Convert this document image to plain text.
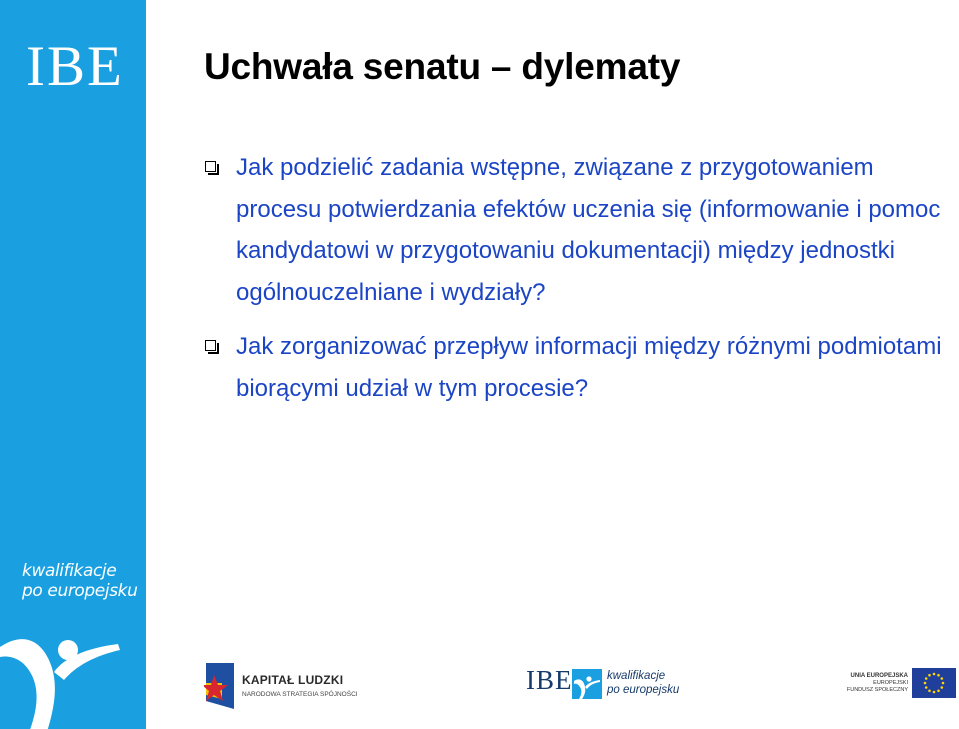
IBE
kwalifikacje
po europejsku
Uchwała senatu – dylematy
Jak podzielić zadania wstępne, związane z przygotowaniem procesu potwierdzania efektów uczenia się (informowanie i pomoc kandydatowi w przygotowaniu dokumentacji) między jednostki ogólnouczelniane i wydziały?
Jak zorganizować przepływ informacji między różnymi podmiotami biorącymi udział w tym procesie?
KAPITAŁ LUDZKI
NARODOWA STRATEGIA SPÓJNOŚCI	IBE	kwalifikacje
po europejsku
UNIA EUROPEJSKA
EUROPEJSKI
FUNDUSZ SPOŁECZNY
